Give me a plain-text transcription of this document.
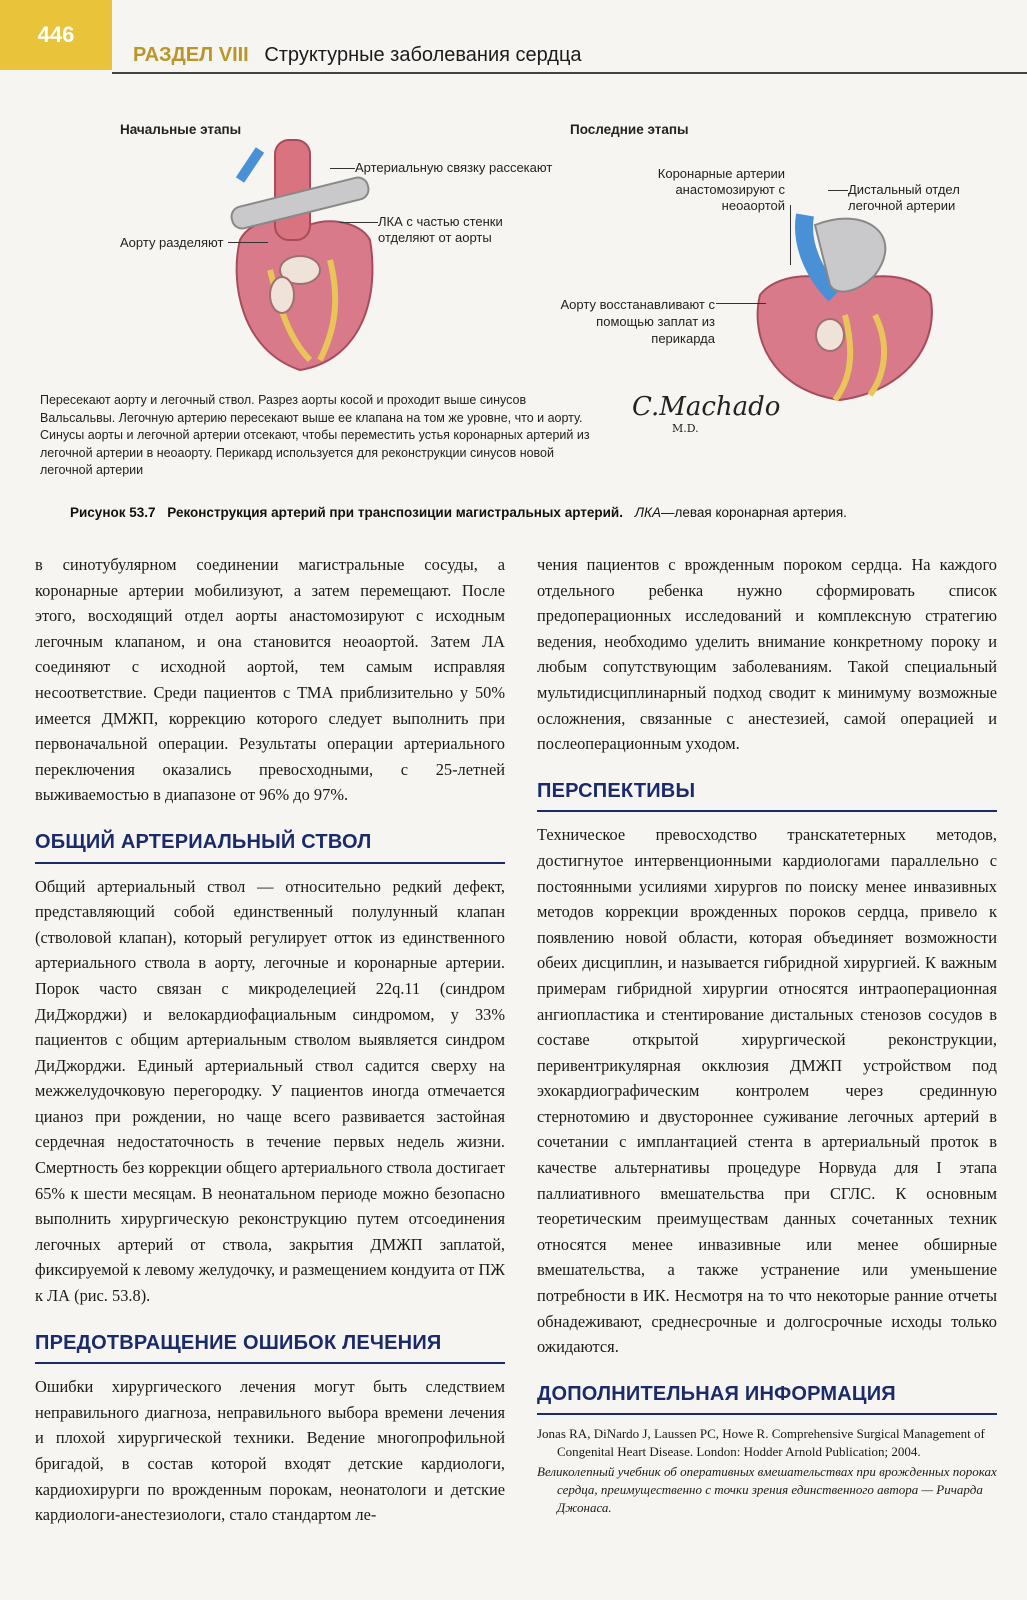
446
РАЗДЕЛ VIII Структурные заболевания сердца
Начальные этапы	Последние этапы
Артериальную связку рассекают
ЛКА с частью стенки отделяют от аорты
Аорту разделяют
Коронарные артерии анастомозируют с неоаортой
Дистальный отдел легочной артерии
Аорту восстанавливают с помощью заплат из перикарда
Пересекают аорту и легочный ствол. Разрез аорты косой и проходит выше синусов Вальсальвы. Легочную артерию пересекают выше ее клапана на том же уровне, что и аорту. Синусы аорты и легочной артерии отсекают, чтобы переместить устья коронарных артерий из легочной артерии в неоаорту. Перикард используется для реконструкции синусов новой легочной артерии
C.Machado
M.D.
Рисунок 53.7 Реконструкция артерий при транспозиции магистральных артерий. ЛКА—левая коронарная артерия.

в синотубулярном соединении магистральные сосуды, а коронарные артерии мобилизуют, а затем перемещают. После этого, восходящий отдел аорты анастомозируют с исходным легочным клапаном, и она становится неоаортой. Затем ЛА соединяют с исходной аортой, тем самым исправляя несоответствие. Среди пациентов с ТМА приблизительно у 50% имеется ДМЖП, коррекцию которого следует выполнить при первоначальной операции. Результаты операции артериального переключения оказались превосходными, с 25-летней выживаемостью в диапазоне от 96% до 97%.

ОБЩИЙ АРТЕРИАЛЬНЫЙ СТВОЛ

Общий артериальный ствол — относительно редкий дефект, представляющий собой единственный полулунный клапан (стволовой клапан), который регулирует отток из единственного артериального ствола в аорту, легочные и коронарные артерии. Порок часто связан с микроделецией 22q.11 (синдром ДиДжорджи) и велокардиофациальным синдромом, у 33% пациентов с общим артериальным стволом выявляется синдром ДиДжорджи. Единый артериальный ствол садится сверху на межжелудочковую перегородку. У пациентов иногда отмечается цианоз при рождении, но чаще всего развивается застойная сердечная недостаточность в течение первых недель жизни. Смертность без коррекции общего артериального ствола достигает 65% к шести месяцам. В неонатальном периоде можно безопасно выполнить хирургическую реконструкцию путем отсоединения легочных артерий от ствола, закрытия ДМЖП заплатой, фиксируемой к левому желудочку, и размещением кондуита от ПЖ к ЛА (рис. 53.8).

ПРЕДОТВРАЩЕНИЕ ОШИБОК ЛЕЧЕНИЯ

Ошибки хирургического лечения могут быть следствием неправильного диагноза, неправильного выбора времени лечения и плохой хирургической техники. Ведение многопрофильной бригадой, в состав которой входят детские кардиологи, кардиохирурги по врожденным порокам, неонатологи и детские кардиологи-анестезиологи, стало стандартом ле-

чения пациентов с врожденным пороком сердца. На каждого отдельного ребенка нужно сформировать список предоперационных исследований и комплексную стратегию ведения, необходимо уделить внимание конкретному пороку и любым сопутствующим заболеваниям. Такой специальный мультидисциплинарный подход сводит к минимуму возможные осложнения, связанные с анестезией, самой операцией и послеоперационным уходом.

ПЕРСПЕКТИВЫ

Техническое превосходство транскатетерных методов, достигнутое интервенционными кардиологами параллельно с постоянными усилиями хирургов по поиску менее инвазивных методов коррекции врожденных пороков сердца, привело к появлению новой области, которая объединяет возможности обеих дисциплин, и называется гибридной хирургией. К важным примерам гибридной хирургии относятся интраоперационная ангиопластика и стентирование дистальных стенозов сосудов в составе открытой хирургической реконструкции, перивентрикулярная окклюзия ДМЖП устройством под эхокардиографическим контролем через срединную стернотомию и двустороннее суживание легочных артерий в сочетании с имплантацией стента в артериальный проток в качестве альтернативы процедуре Норвуда для I этапа паллиативного вмешательства при СГЛС. К основным теоретическим преимуществам данных сочетанных техник относятся менее инвазивные или менее обширные вмешательства, а также устранение или уменьшение потребности в ИК. Несмотря на то что некоторые ранние отчеты обнадеживают, среднесрочные и долгосрочные исходы только ожидаются.

ДОПОЛНИТЕЛЬНАЯ ИНФОРМАЦИЯ
Jonas RA, DiNardo J, Laussen PC, Howe R. Comprehensive Surgical Management of Congenital Heart Disease. London: Hodder Arnold Publication; 2004.
Великолепный учебник об оперативных вмешательствах при врожденных пороках сердца, преимущественно с точки зрения единственного автора — Ричарда Джонаса.
